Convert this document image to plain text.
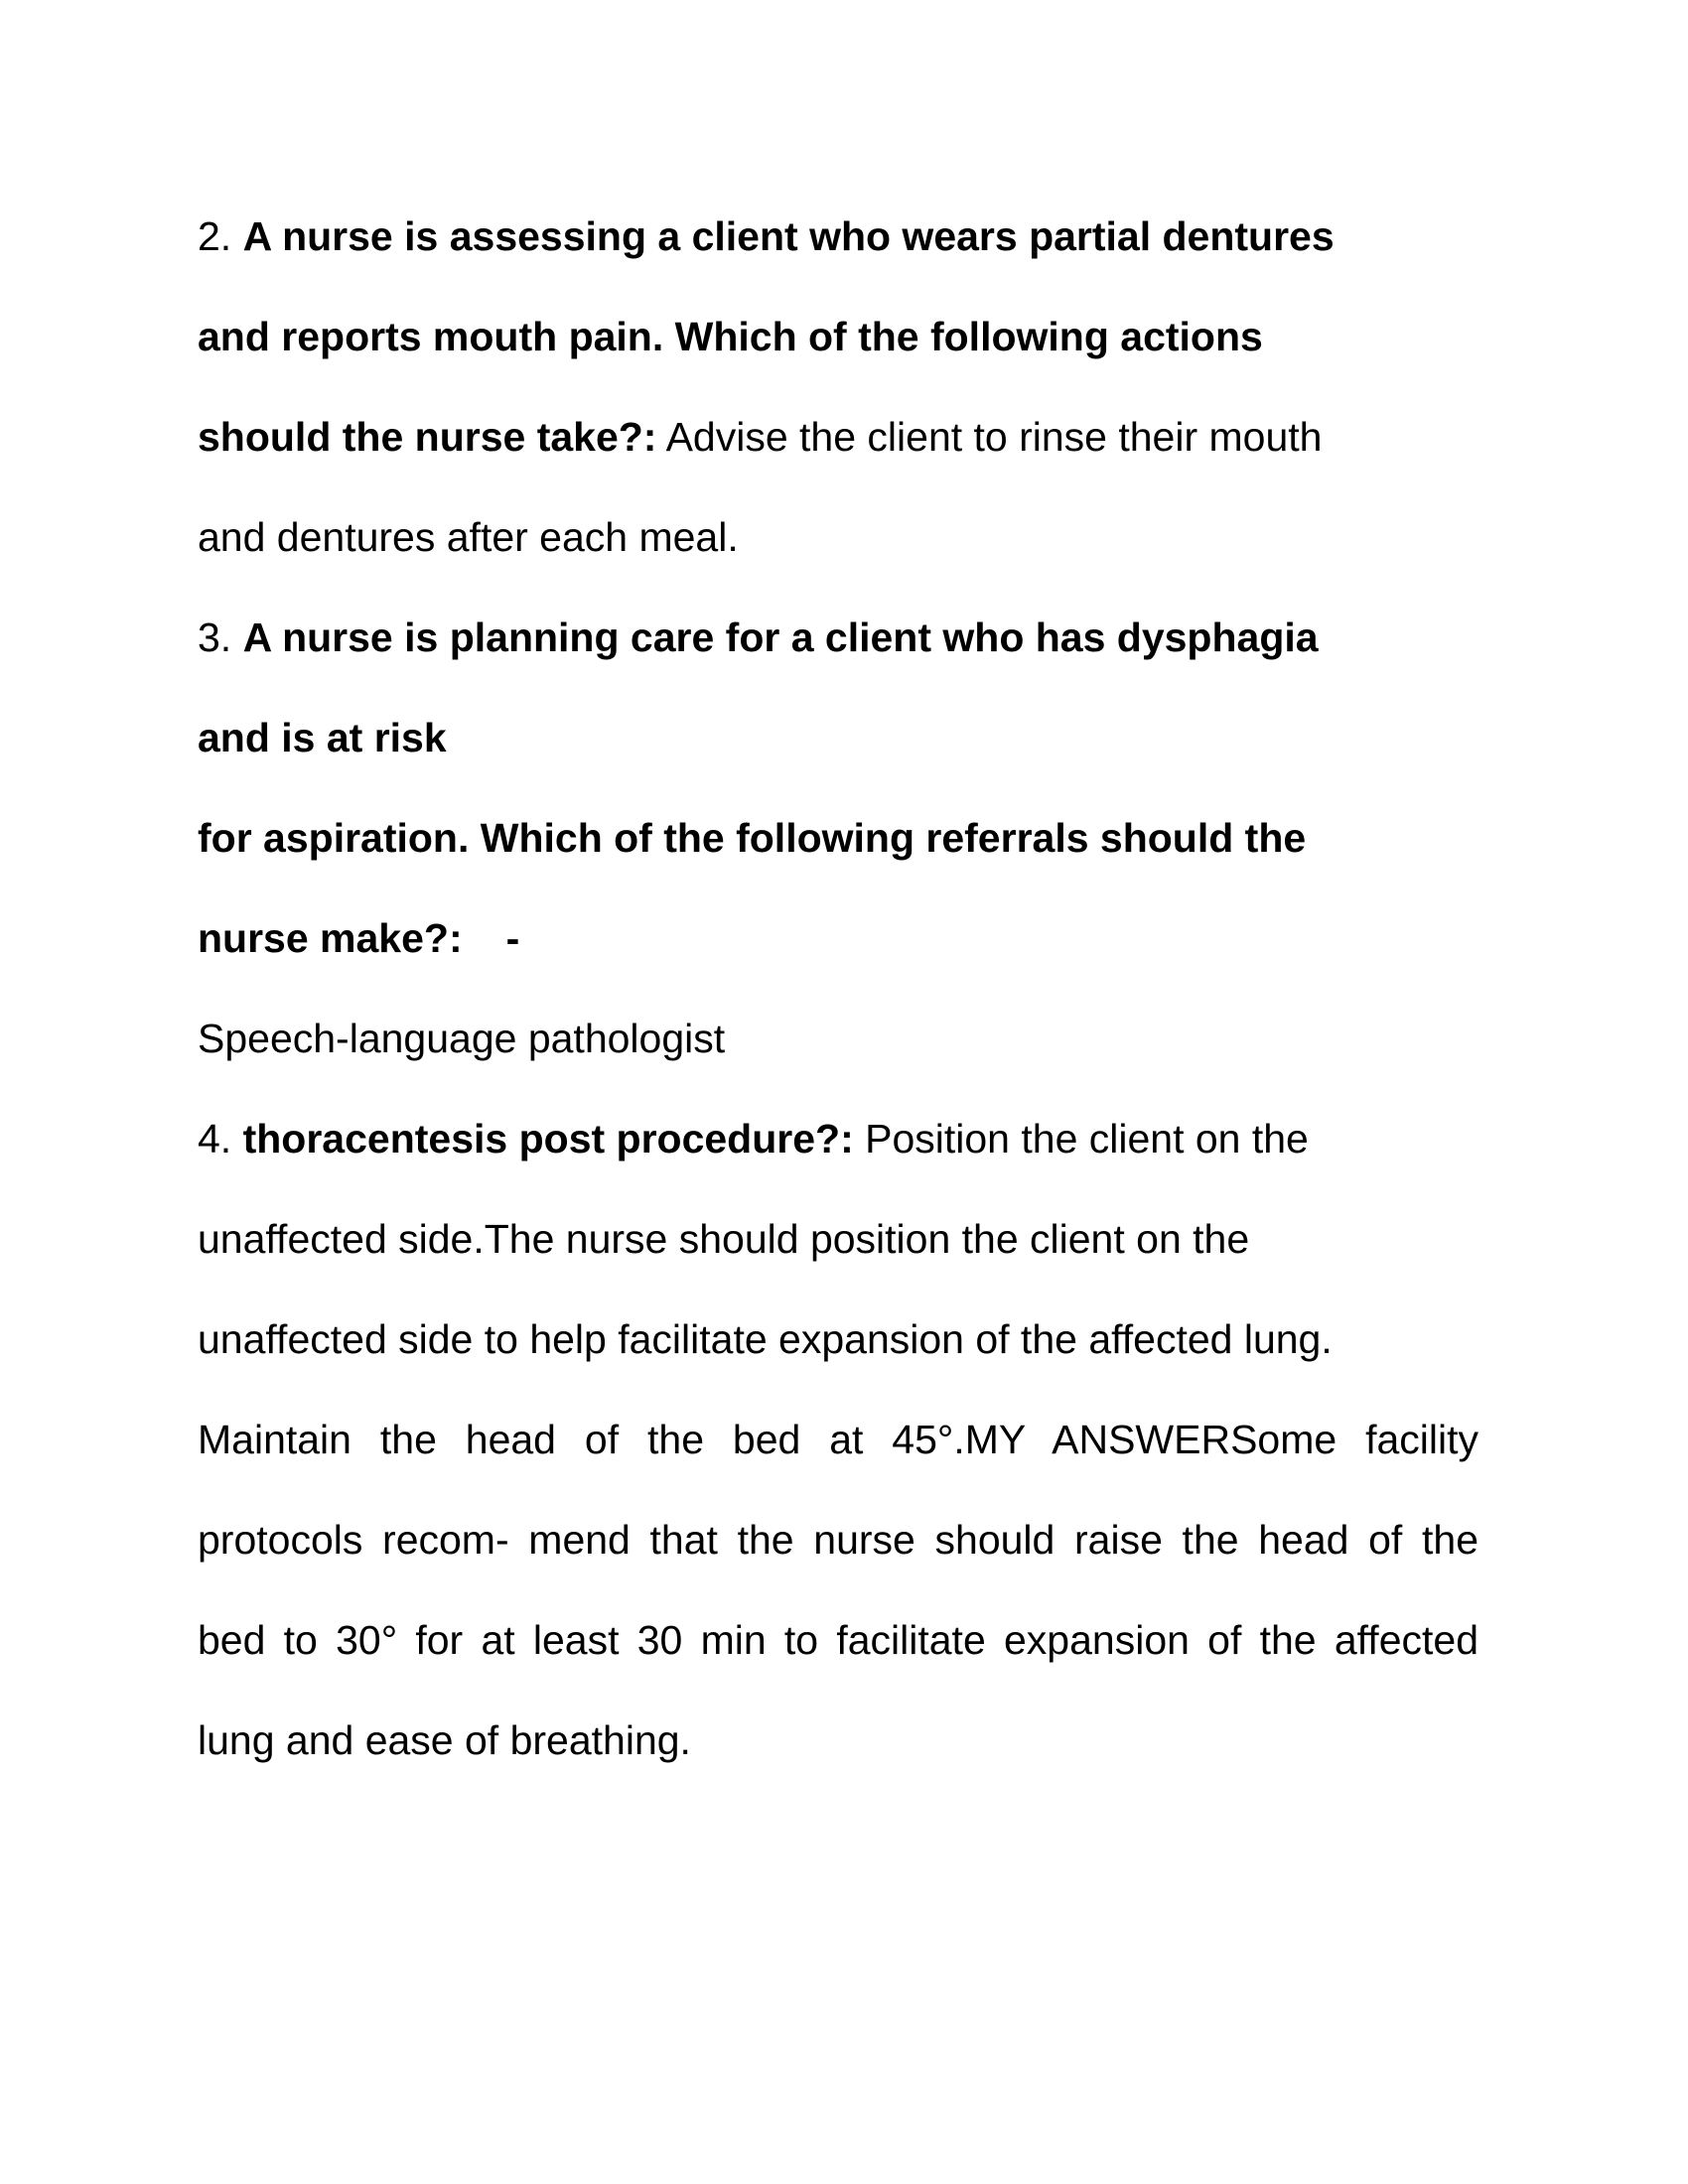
2. A nurse is assessing a client who wears partial dentures
and reports mouth pain. Which of the following actions
should the nurse take?: Advise the client to rinse their mouth
and dentures after each meal.
3. A nurse is planning care for a client who has dysphagia
and is at risk
for aspiration. Which of the following referrals should the
nurse make?: -
Speech-language pathologist
4. thoracentesis post procedure?: Position the client on the
unaffected side.The nurse should position the client on the
unaffected side to help facilitate expansion of the affected lung.
Maintain the head of the bed at 45°.MY ANSWERSome facility
protocols recom- mend that the nurse should raise the head of the
bed to 30° for at least 30 min to facilitate expansion of the affected
lung and ease of breathing.
